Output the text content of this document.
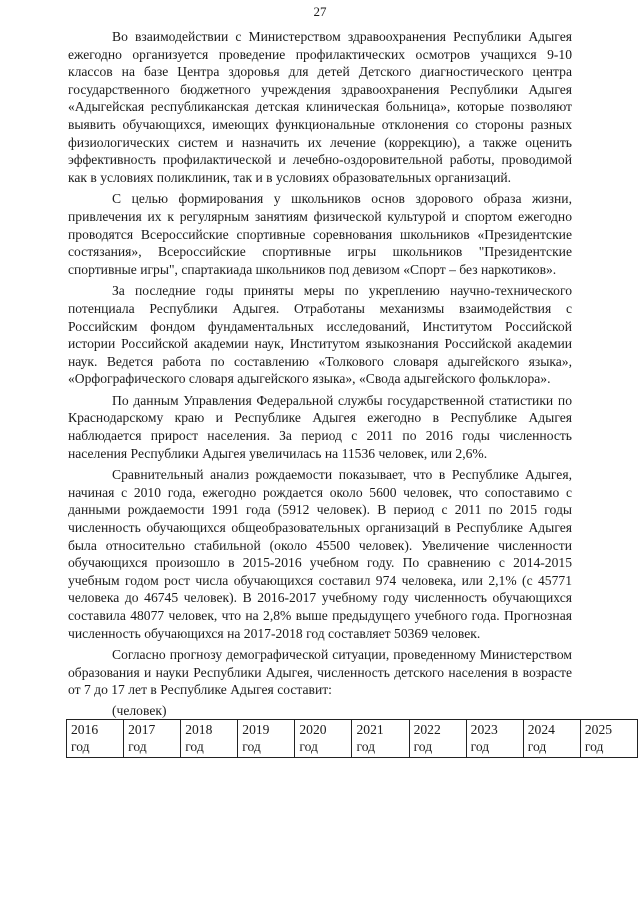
27

Во взаимодействии с Министерством здравоохранения Республики Адыгея ежегодно организуется проведение профилактических осмотров учащихся 9-10 классов на базе Центра здоровья для детей Детского диагностического центра государственного бюджетного учреждения здравоохранения Республики Адыгея «Адыгейская республиканская детская клиническая больница», которые позволяют выявить обучающихся, имеющих функциональные отклонения со стороны разных физиологических систем и назначить их лечение (коррекцию), а также оценить эффективность профилактической и лечебно-оздоровительной работы, проводимой как в условиях поликлиник, так и в условиях образовательных организаций.

С целью формирования у школьников основ здорового образа жизни, привлечения их к регулярным занятиям физической культурой и спортом ежегодно проводятся Всероссийские спортивные соревнования школьников «Президентские состязания», Всероссийские спортивные игры школьников "Президентские спортивные игры", спартакиада школьников под девизом «Спорт – без наркотиков».

За последние годы приняты меры по укреплению научно-технического потенциала Республики Адыгея. Отработаны механизмы взаимодействия с Российским фондом фундаментальных исследований, Институтом Российской истории Российской академии наук, Институтом языкознания Российской академии наук. Ведется работа по составлению «Толкового словаря адыгейского языка», «Орфографического словаря адыгейского языка», «Свода адыгейского фольклора».

По данным Управления Федеральной службы государственной статистики по Краснодарскому краю и Республике Адыгея ежегодно в Республике Адыгея наблюдается прирост населения. За период с 2011 по 2016 годы численность населения Республики Адыгея увеличилась на 11536 человек, или 2,6%.

Сравнительный анализ рождаемости показывает, что в Республике Адыгея, начиная с 2010 года, ежегодно рождается около 5600 человек, что сопоставимо с данными рождаемости 1991 года (5912 человек). В период с 2011 по 2015 годы численность обучающихся общеобразовательных организаций в Республике Адыгея была относительно стабильной (около 45500 человек). Увеличение численности обучающихся произошло в 2015-2016 учебном году. По сравнению с 2014-2015 учебным годом рост числа обучающихся составил 974 человека, или 2,1% (с 45771 человека до 46745 человек). В 2016-2017 учебному году численность обучающихся составила 48077 человек, что на 2,8% выше предыдущего учебного года. Прогнозная численность обучающихся на 2017-2018 год составляет 50369 человек.

Согласно прогнозу демографической ситуации, проведенному Министерством образования и науки Республики Адыгея, численность детского населения в возрасте от 7 до 17 лет в Республике Адыгея составит:

(человек)
2016
год

2017
год

2018
год

2019
год

2020
год

2021
год

2022
год

2023
год

2024
год

2025
год
